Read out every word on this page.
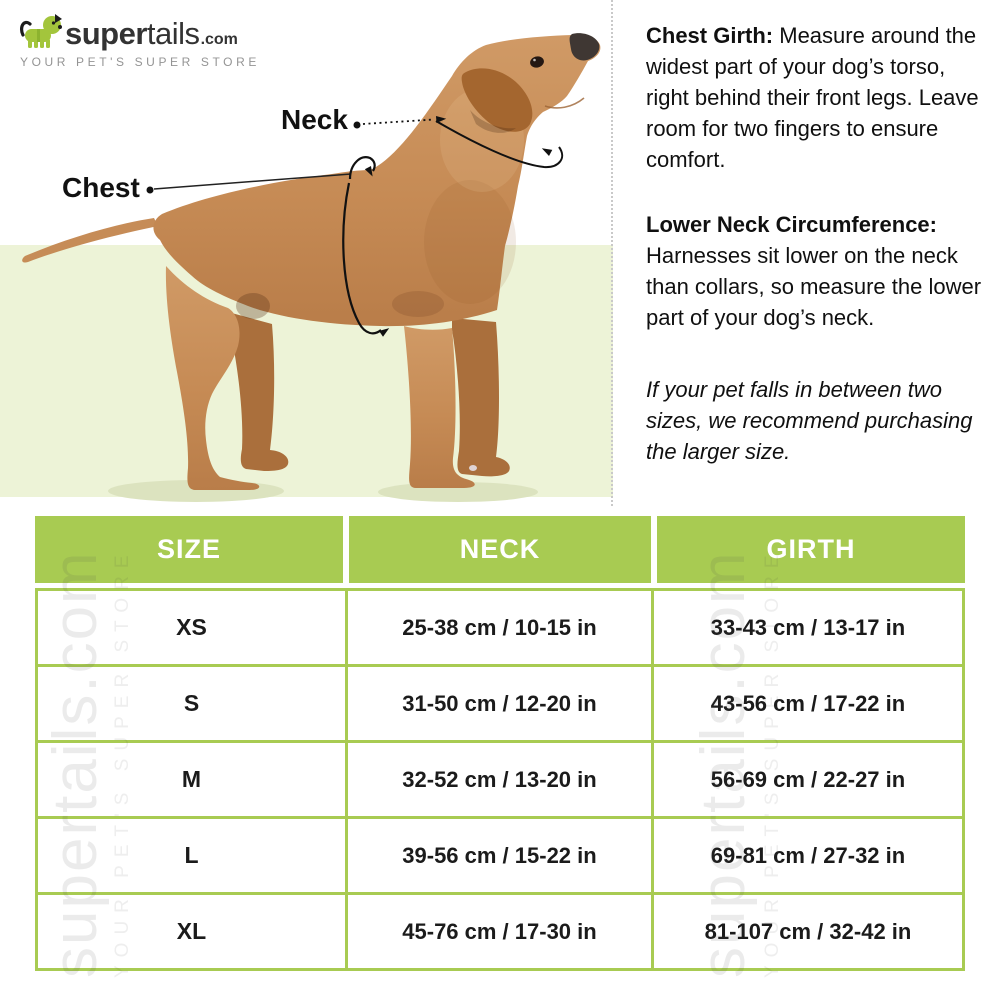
Neck
Chest
super tails .com
YOUR PET'S SUPER STORE

Chest Girth: Measure around the widest part of your dog’s torso, right behind their front legs. Leave room for two fingers to ensure comfort.

Lower Neck Circumference: Harnesses sit lower on the neck than collars, so measure the lower part of your dog’s neck.

If your pet falls in between two sizes, we recommend purchasing the larger size.

SIZE	NECK	GIRTH
XS	25-38 cm / 10-15 in	33-43 cm / 13-17 in
S	31-50 cm / 12-20 in	43-56 cm / 17-22 in
M	32-52 cm / 13-20 in	56-69 cm / 22-27 in
L	39-56 cm / 15-22 in	69-81 cm / 27-32 in
XL	45-76 cm / 17-30 in	81-107 cm / 32-42 in
